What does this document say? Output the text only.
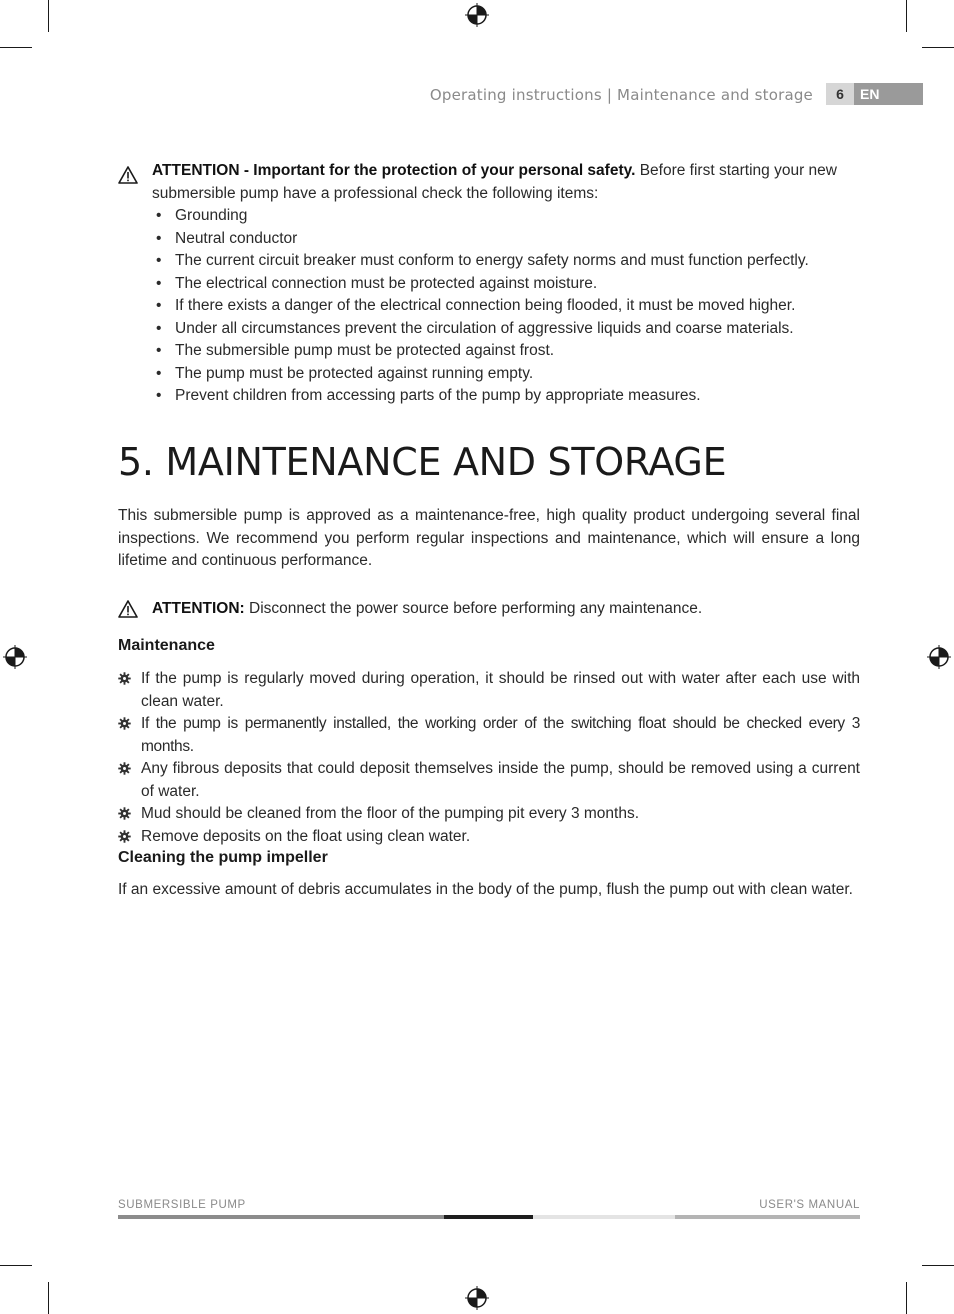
Operating instructions | Maintenance and storage	6	EN
ATTENTION - Important for the protection of your personal safety. Before first starting your new submersible pump have a professional check the following items:
• Grounding
• Neutral conductor
• The current circuit breaker must conform to energy safety norms and must function perfectly.
• The electrical connection must be protected against moisture.
• If there exists a danger of the electrical connection being flooded, it must be moved higher.
• Under all circumstances prevent the circulation of aggressive liquids and coarse materials.
• The submersible pump must be protected against frost.
• The pump must be protected against running empty.
• Prevent children from accessing parts of the pump by appropriate measures.
5. MAINTENANCE AND STORAGE
This submersible pump is approved as a maintenance-free, high quality product undergoing several final inspections. We recommend you perform regular inspections and maintenance, which will ensure a long lifetime and continuous performance.
ATTENTION: Disconnect the power source before performing any maintenance.
Maintenance
If the pump is regularly moved during operation, it should be rinsed out with water after each use with clean water.
If the pump is permanently installed, the working order of the switching float should be checked every 3 months.
Any fibrous deposits that could deposit themselves inside the pump, should be removed using a current of water.
Mud should be cleaned from the floor of the pumping pit every 3 months.
Remove deposits on the float using clean water.
Cleaning the pump impeller
If an excessive amount of debris accumulates in the body of the pump, flush the pump out with clean water.
SUBMERSIBLE PUMP	USER'S MANUAL
